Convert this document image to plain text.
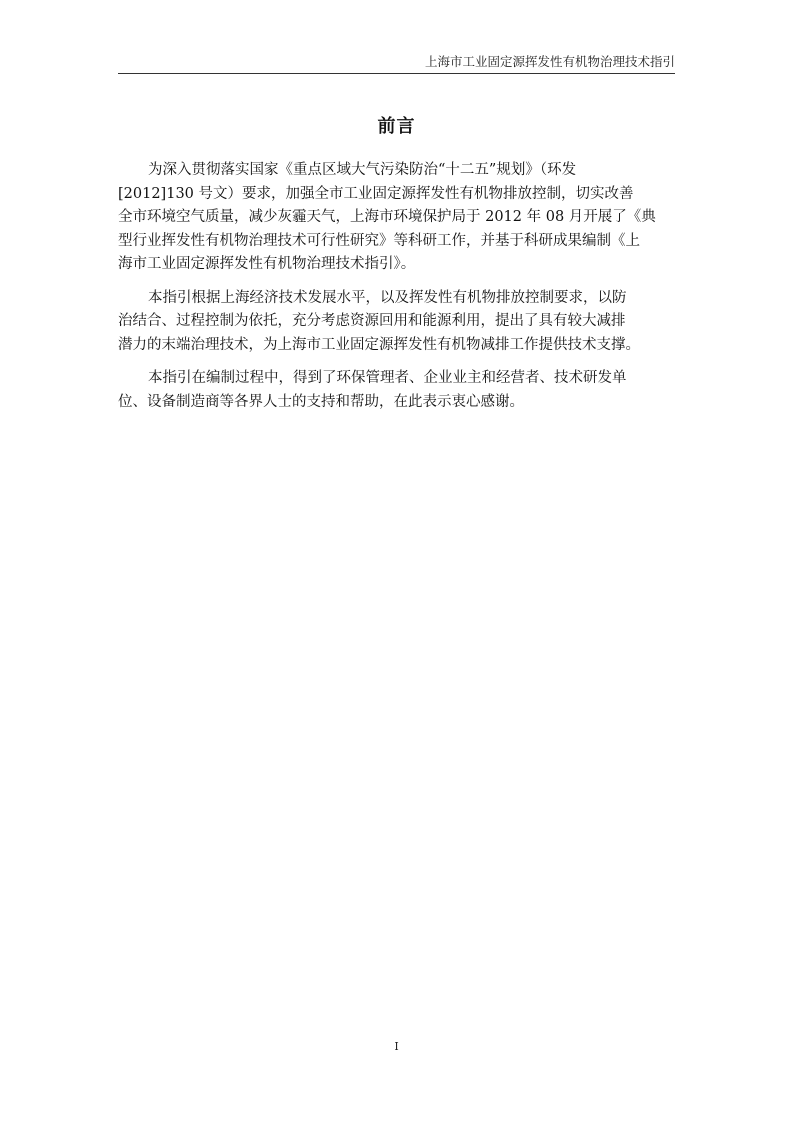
上海市工业固定源挥发性有机物治理技术指引
前言

为深入贯彻落实国家《重点区域大气污染防治“十二五”规划》（环发
[2012]130 号文）要求，加强全市工业固定源挥发性有机物排放控制，切实改善
全市环境空气质量，减少灰霾天气，上海市环境保护局于 2012 年 08 月开展了《典
型行业挥发性有机物治理技术可行性研究》等科研工作，并基于科研成果编制《上
海市工业固定源挥发性有机物治理技术指引》。

本指引根据上海经济技术发展水平，以及挥发性有机物排放控制要求，以防
治结合、过程控制为依托，充分考虑资源回用和能源利用，提出了具有较大减排
潜力的末端治理技术，为上海市工业固定源挥发性有机物减排工作提供技术支撑。

本指引在编制过程中，得到了环保管理者、企业业主和经营者、技术研发单
位、设备制造商等各界人士的支持和帮助，在此表示衷心感谢。

I
